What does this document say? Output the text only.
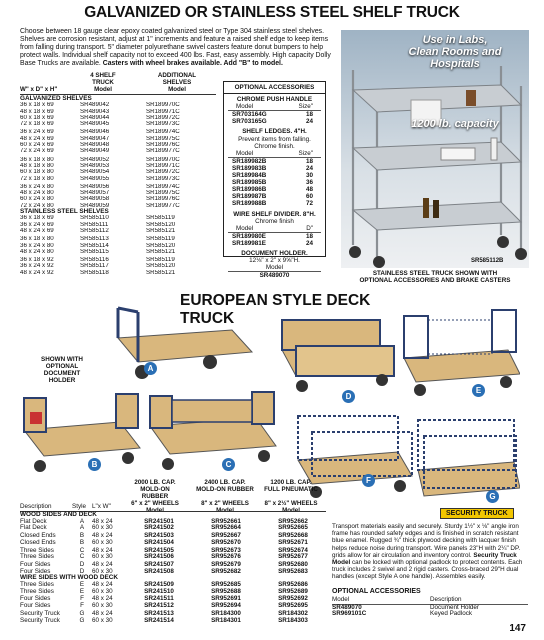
GALVANIZED OR STAINLESS STEEL SHELF TRUCK
Choose between 18 gauge clear epoxy coated galvanized steel or Type 304 stainless steel shelves. Shelves are corrosion resistant, adjust at 1" increments and feature a raised shelf edge to keep items from falling during transport. 5" diameter polyurethane swivel casters feature donut bumpers to help protect walls. Individual shelf capacity not to exceed 400 lbs. Fast, easy assembly. High capacity Dolly Base Trucks are available. Casters with wheel brakes available. Add "B" to model.
4 SHELF
TRUCK
Model
ADDITIONAL
SHELVES
Model
W" x D" x H"
GALVANIZED SHELVES
36 x 18 x 69	SR489042	SR189970C
48 x 18 x 69	SR489043	SR189971C
60 x 18 x 69	SR489044	SR189972C
72 x 18 x 69	SR489045	SR189973C
36 x 24 x 69	SR489046	SR189974C
48 x 24 x 69	SR489047	SR189975C
60 x 24 x 69	SR489048	SR189976C
72 x 24 x 69	SR489049	SR189977C
36 x 18 x 80	SR489052	SR189970C
48 x 18 x 80	SR489053	SR189971C
60 x 18 x 80	SR489054	SR189972C
72 x 18 x 80	SR489055	SR189973C
36 x 24 x 80	SR489056	SR189974C
48 x 24 x 80	SR489057	SR189975C
60 x 24 x 80	SR489058	SR189976C
72 x 24 x 80	SR489059	SR189977C
STAINLESS STEEL SHELVES
36 x 18 x 69	SR585110	SR585119
36 x 24 x 69	SR585111	SR585120
48 x 24 x 69	SR585112	SR585121
36 x 18 x 80	SR585113	SR585119
36 x 24 x 80	SR585114	SR585120
48 x 24 x 80	SR585115	SR585121
36 x 18 x 92	SR585116	SR585119
36 x 24 x 92	SR585117	SR585120
48 x 24 x 92	SR585118	SR585121
OPTIONAL ACCESSORIES
CHROME PUSH HANDLE
Model	Size"
SR703164G	18
SR703165G	24
SHELF LEDGES. 4"H.
Prevent items from falling.
Chrome finish.
Model	Size"
SR189982B	18
SR189983B	24
SR189984B	30
SR189985B	36
SR189986B	48
SR189987B	60
SR189988B	72
WIRE SHELF DIVIDER. 8"H.
Chrome finish
Model	D"
SR189980E	18
SR189981E	24
DOCUMENT HOLDER.
12⅛" x 2" x 9⅝"H.
Model
SR489070
Use in Labs,
Clean Rooms and
Hospitals
1200 lb. capacity
SR585112B
STAINLESS STEEL TRUCK SHOWN WITH
OPTIONAL ACCESSORIES AND BRAKE CASTERS
EUROPEAN STYLE DECK TRUCK
SHOWN WITH
OPTIONAL
DOCUMENT
HOLDER
A
B	C
D
E
F
G
SECURITY TRUCK
2000 LB. CAP.
MOLD-ON
RUBBER
6" x 2" WHEELS
Model
2400 LB. CAP.
MOLD-ON RUBBER

8" x 2" WHEELS
Model
1200 LB. CAP.
FULL PNEUMATIC

8" x 2½" WHEELS
Model
Description	Style L"x W"
WOOD SIDES AND DECK
Flat Deck	A	48 x 24	SR241501	SR952661	SR952662
Flat Deck	A	60 x 30	SR241502	SR952664	SR952665
Closed Ends	B	48 x 24	SR241503	SR952667	SR952668
Closed Ends	B	60 x 30	SR241504	SR952670	SR952671
Three Sides	C	48 x 24	SR241505	SR952673	SR952674
Three Sides	C	60 x 30	SR241506	SR952676	SR952677
Four Sides	D	48 x 24	SR241507	SR952679	SR952680
Four Sides	D	60 x 30	SR241508	SR952682	SR952683
WIRE SIDES WITH WOOD DECK
Three Sides	E	48 x 24	SR241509	SR952685	SR952686
Three Sides	E	60 x 30	SR241510	SR952688	SR952689
Four Sides	F	48 x 24	SR241511	SR952691	SR952692
Four Sides	F	60 x 30	SR241512	SR952694	SR952695
Security Truck	G	48 x 24	SR241513	SR184300	SR184302
Security Truck	G	60 x 30	SR241514	SR184301	SR184303
Transport materials easily and securely. Sturdy 1½" x ⅛" angle iron frame has rounded safety edges and is finished in scratch resistant blue enamel. Rugged ¾" thick plywood decking with lacquer finish helps reduce noise during transport. Wire panels 23"H with 2¼" DP. grids allow for air circulation and inventory control. Security Truck Model can be locked with optional padlock to protect contents. Each truck includes 2 swivel and 2 rigid casters. Cross-braced 29"H dual handles (except Style A one handle). Assembles easily.
OPTIONAL ACCESSORIES
Model	Description
SR489070	Document Holder
SR969101C	Keyed Padlock
147
